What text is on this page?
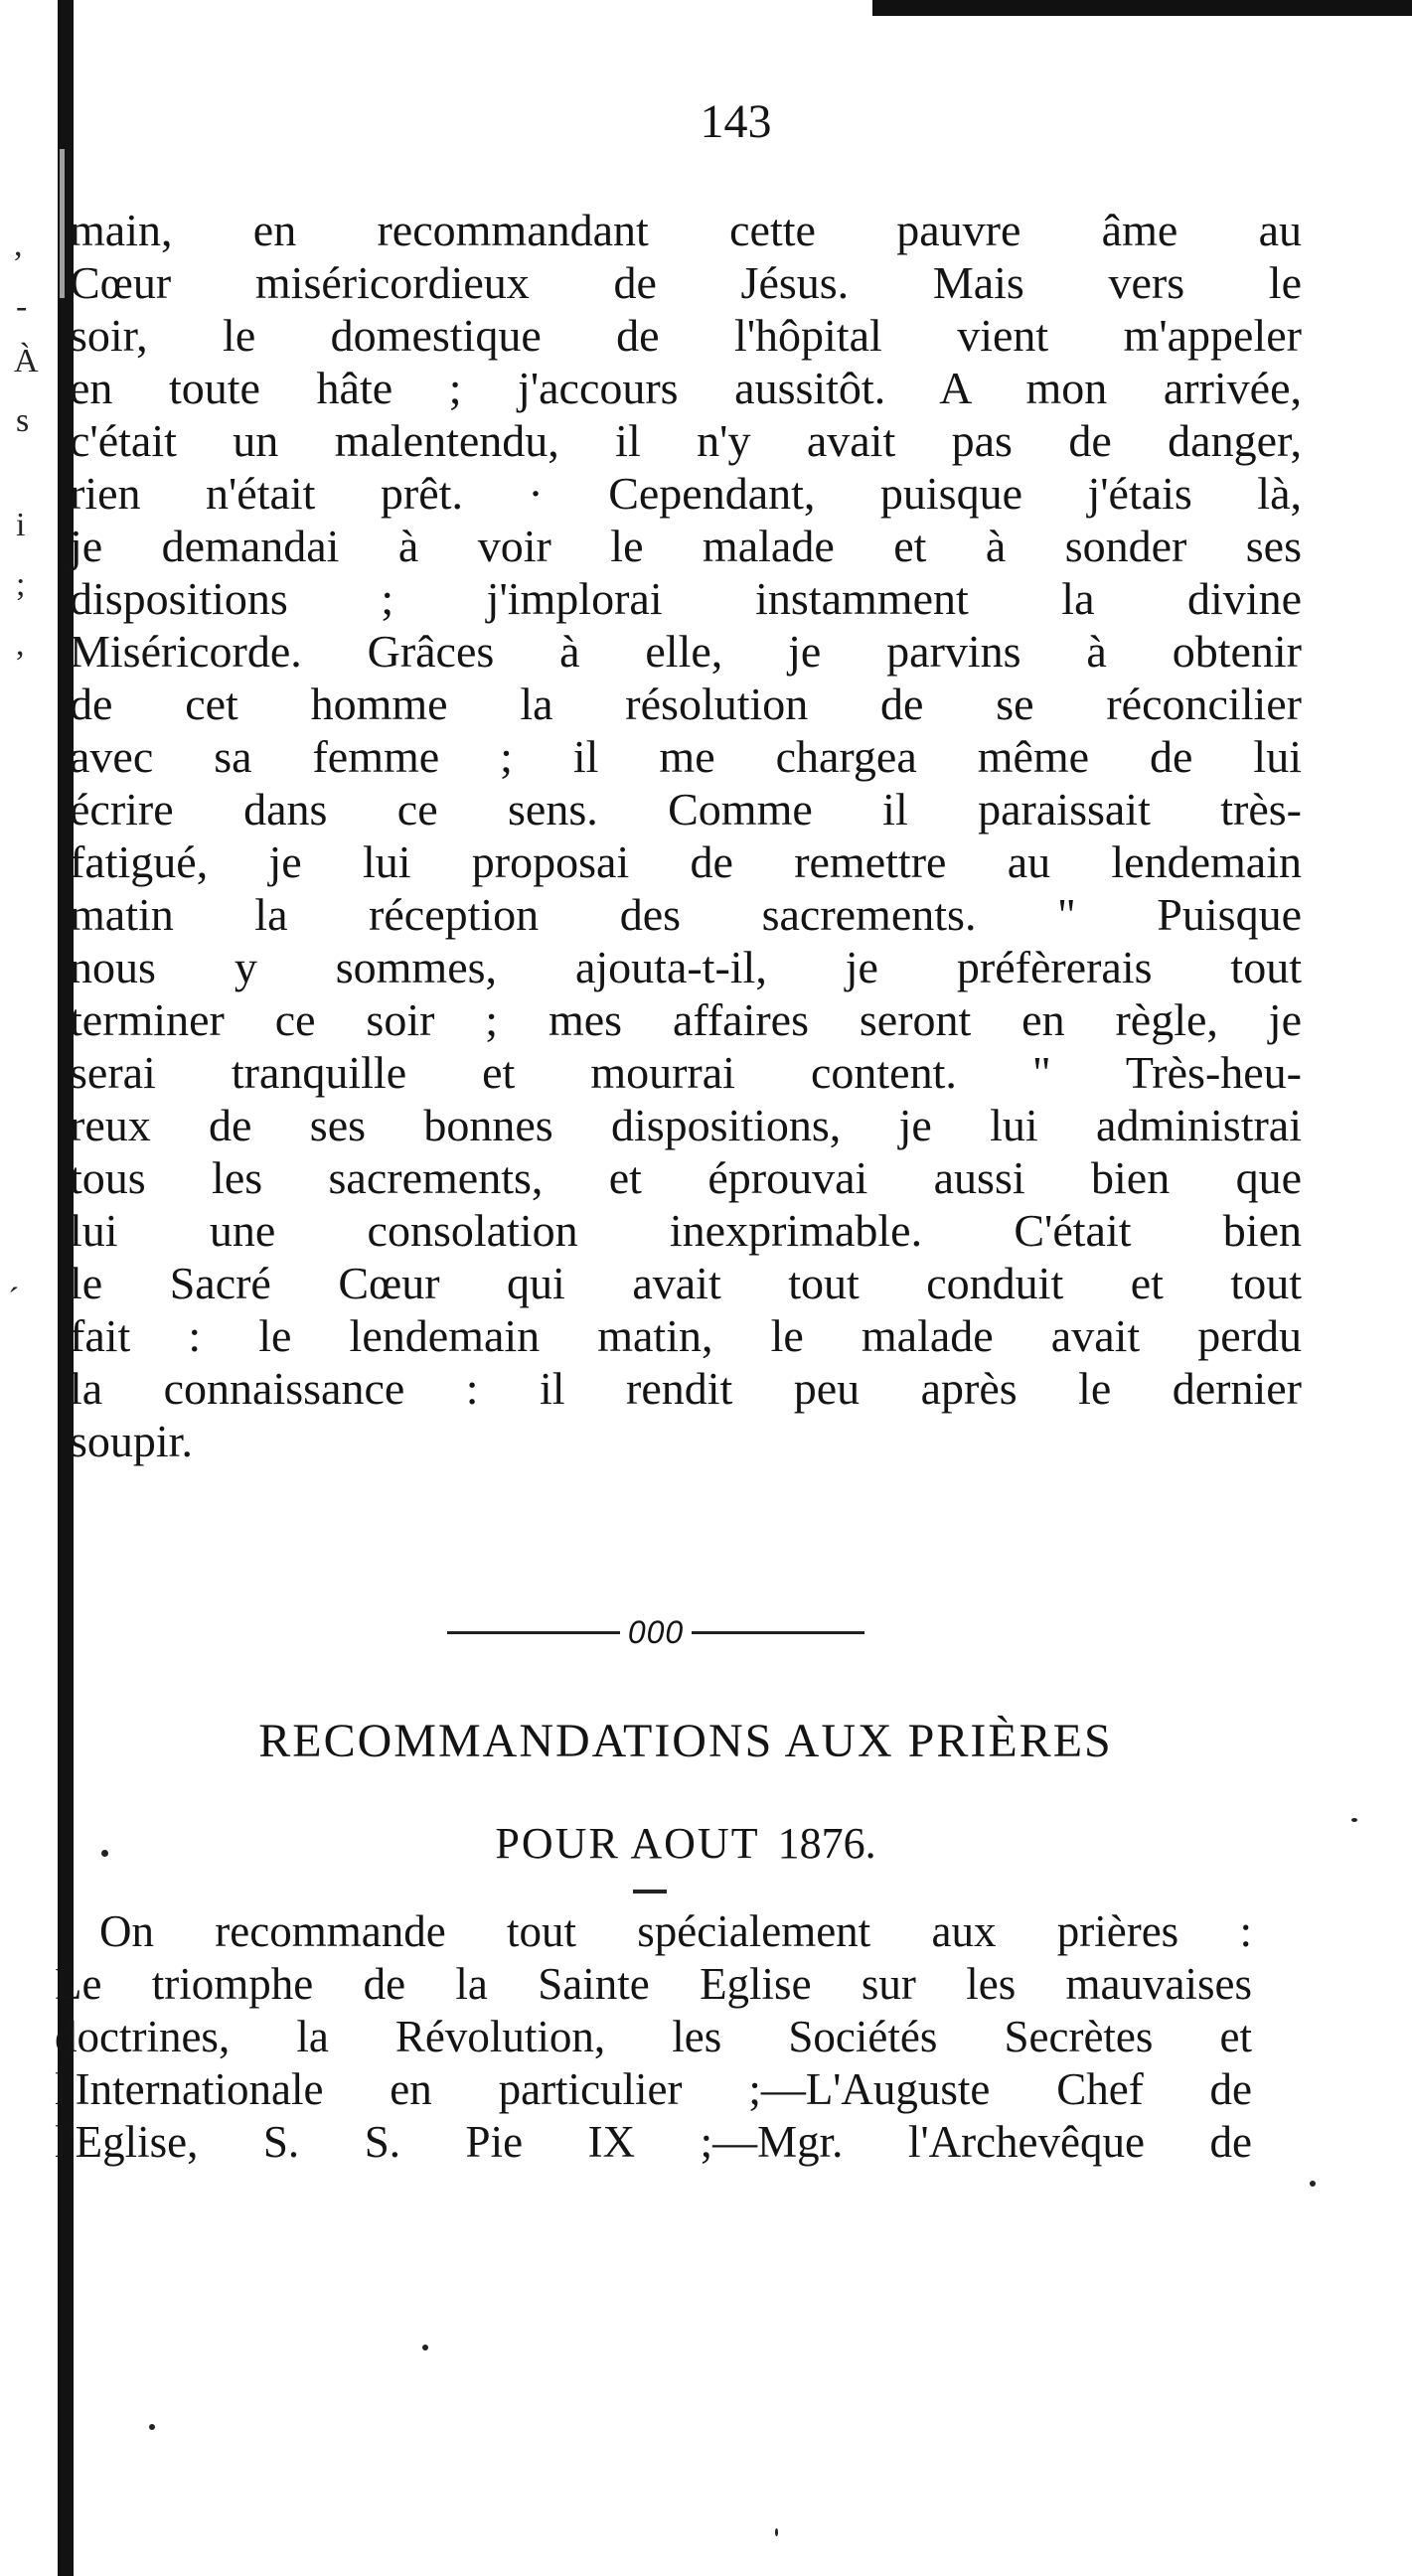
,
-
À
s
i
;
,
´
143
main, en recommandant cette pauvre âme au
Cœur miséricordieux de Jésus. Mais vers le
soir, le domestique de l'hôpital vient m'appeler
en toute hâte ; j'accours aussitôt. A mon arrivée,
c'était un malentendu, il n'y avait pas de danger,
rien n'était prêt. · Cependant, puisque j'étais là,
je demandai à voir le malade et à sonder ses
dispositions ; j'implorai instamment la divine
Miséricorde. Grâces à elle, je parvins à obtenir
de cet homme la résolution de se réconcilier
avec sa femme ; il me chargea même de lui
écrire dans ce sens. Comme il paraissait très-
fatigué, je lui proposai de remettre au lendemain
matin la réception des sacrements. " Puisque
nous y sommes, ajouta-t-il, je préfèrerais tout
terminer ce soir ; mes affaires seront en règle, je
serai tranquille et mourrai content. " Très-heu-
reux de ses bonnes dispositions, je lui administrai
tous les sacrements, et éprouvai aussi bien que
lui une consolation inexprimable. C'était bien
le Sacré Cœur qui avait tout conduit et tout
fait : le lendemain matin, le malade avait perdu
la connaissance : il rendit peu après le dernier
soupir.
000
RECOMMANDATIONS AUX PRIÈRES
POUR AOUT 1876.
On recommande tout spécialement aux prières :
Le triomphe de la Sainte Eglise sur les mauvaises
doctrines, la Révolution, les Sociétés Secrètes et
l'Internationale en particulier ;—L'Auguste Chef de
l'Eglise, S. S. Pie IX ;—Mgr. l'Archevêque de
